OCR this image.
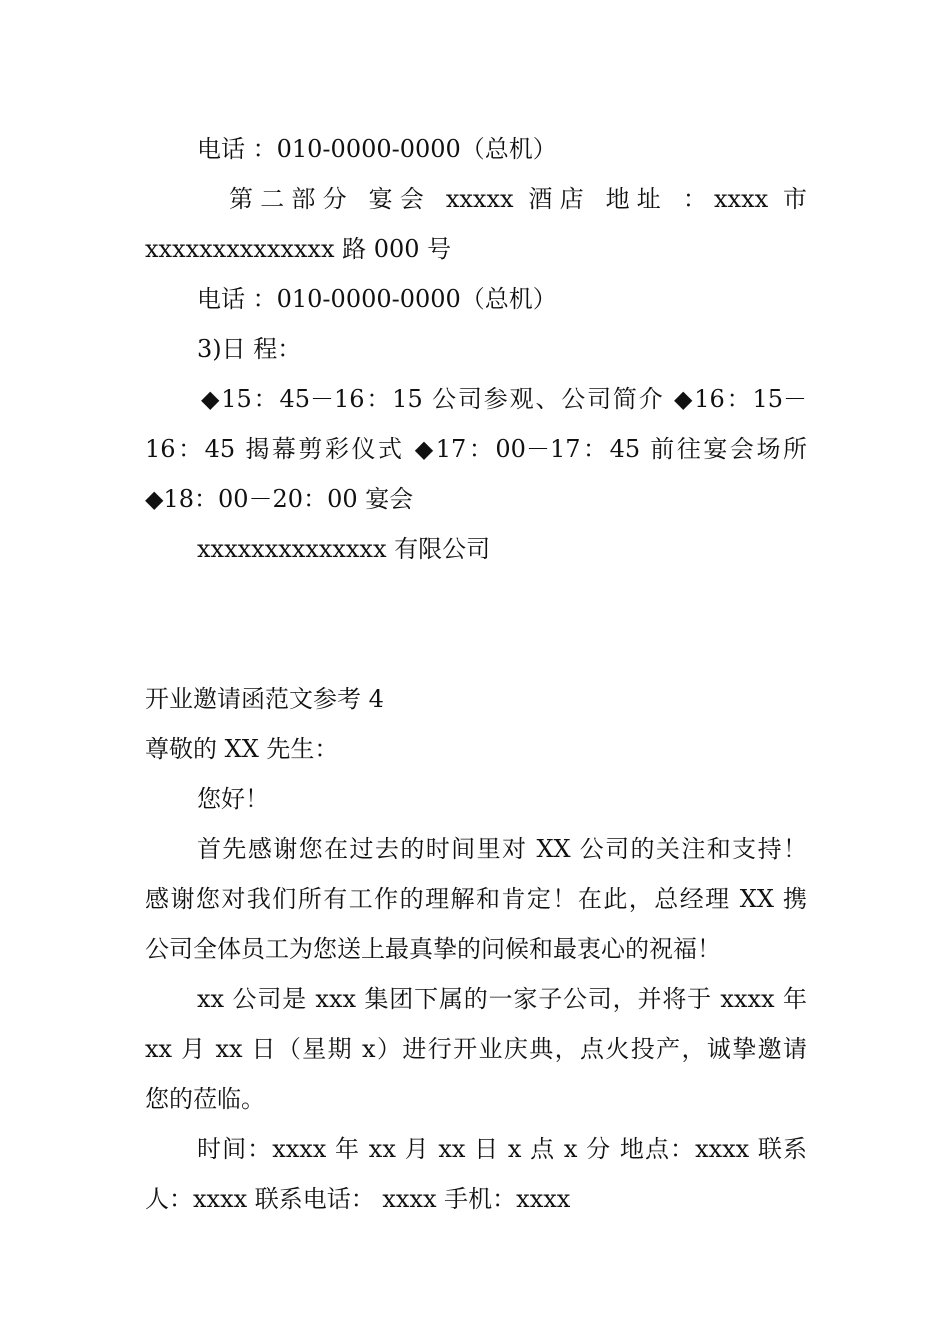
电话 ：010-0000-0000（总机）
第二部分 宴会 xxxxx 酒店 地址 ：xxxx 市
xxxxxxxxxxxxxx 路 000 号
电话 ：010-0000-0000（总机）
3)日 程：
◆15：45－16：15 公司参观、公司简介 ◆16：15－
16：45 揭幕剪彩仪式 ◆17：00－17：45 前往宴会场所
◆18：00－20：00 宴会
xxxxxxxxxxxxxx 有限公司
开业邀请函范文参考 4
尊敬的 XX 先生：
您好！
首先感谢您在过去的时间里对 XX 公司的关注和支持！
感谢您对我们所有工作的理解和肯定！在此，总经理 XX 携
公司全体员工为您送上最真挚的问候和最衷心的祝福！
xx 公司是 xxx 集团下属的一家子公司，并将于 xxxx 年
xx 月 xx 日（星期 x）进行开业庆典，点火投产，诚挚邀请
您的莅临。
时间：xxxx 年 xx 月 xx 日 x 点 x 分 地点：xxxx 联系
人：xxxx 联系电话： xxxx 手机：xxxx
